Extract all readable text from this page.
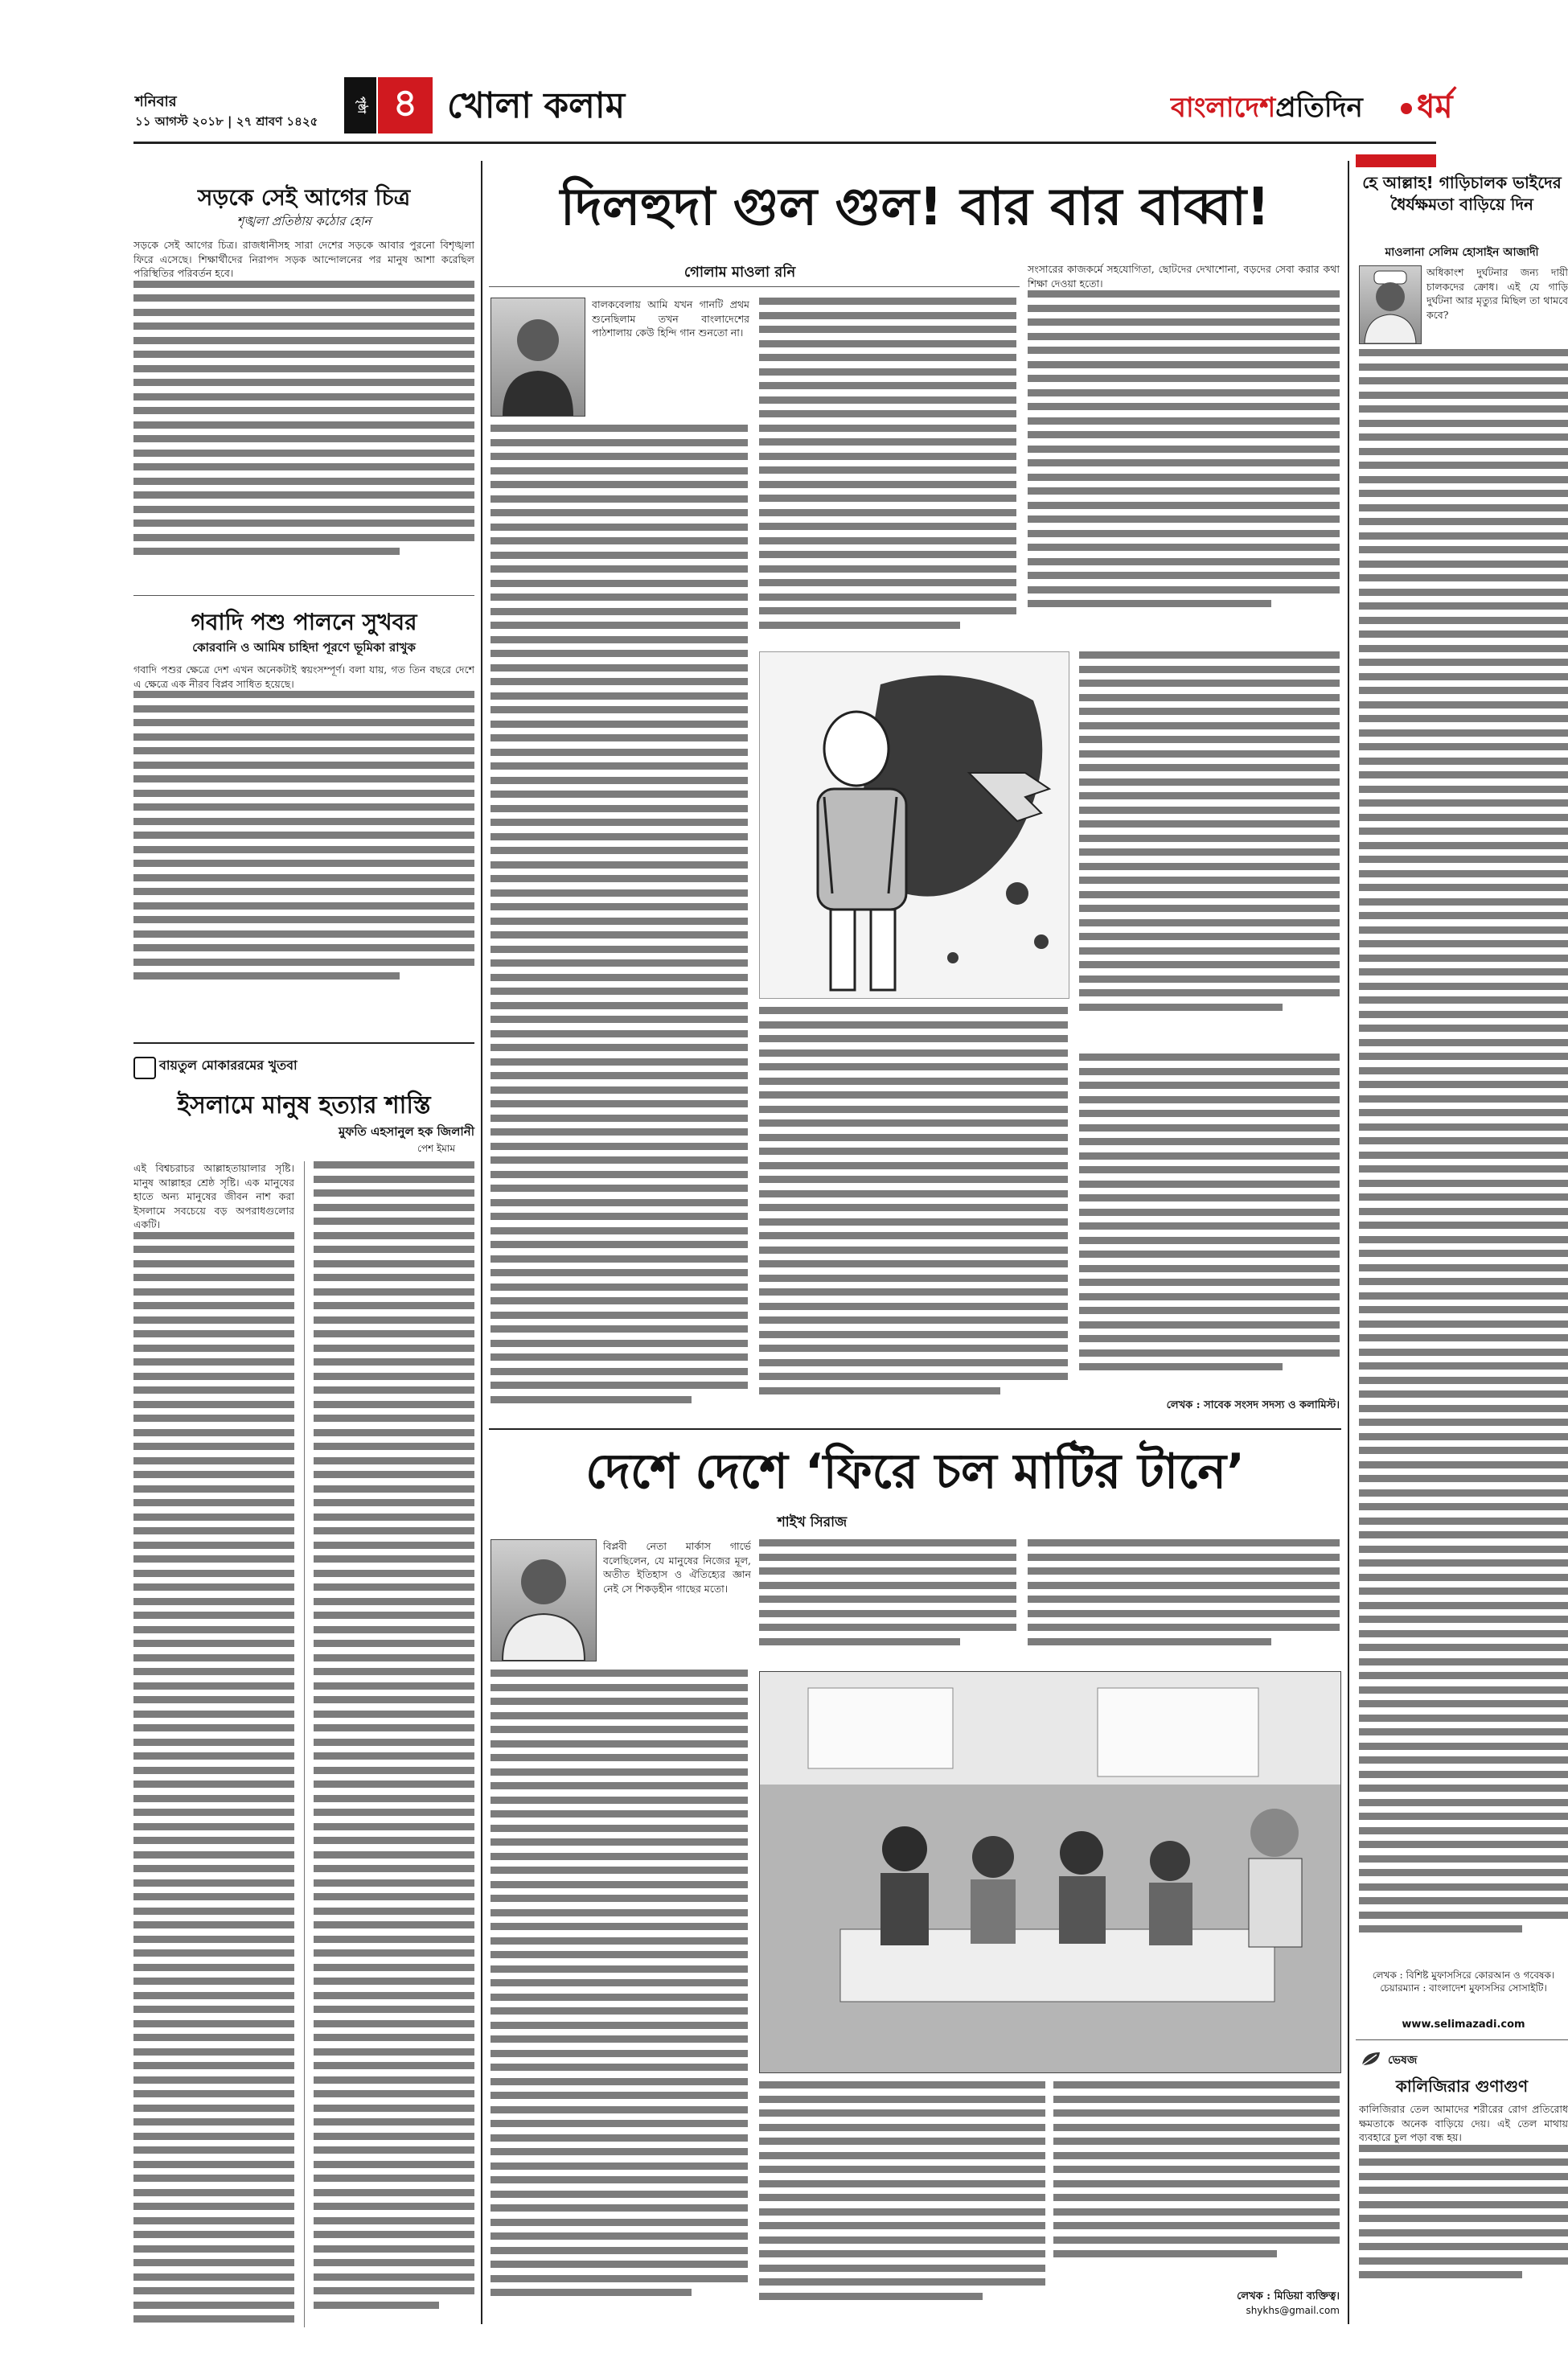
শনিবার
১১ আগস্ট ২০১৮ | ২৭ শ্রাবণ ১৪২৫
পৃষ্ঠা ৪ খোলা কলাম	বাংলাদেশপ্রতিদিন	ধর্ম
সড়কে সেই আগের চিত্র
শৃঙ্খলা প্রতিষ্ঠায় কঠোর হোন
সড়কে সেই আগের চিত্র। রাজধানীসহ সারা দেশের সড়কে আবার পুরনো বিশৃঙ্খলা ফিরে এসেছে। শিক্ষার্থীদের নিরাপদ সড়ক আন্দোলনের পর মানুষ আশা করেছিল পরিস্থিতির পরিবর্তন হবে।
গবাদি পশু পালনে সুখবর
কোরবানি ও আমিষ চাহিদা পূরণে ভূমিকা রাখুক
গবাদি পশুর ক্ষেত্রে দেশ এখন অনেকটাই স্বয়ংসম্পূর্ণ। বলা যায়, গত তিন বছরে দেশে এ ক্ষেত্রে এক নীরব বিপ্লব সাধিত হয়েছে।
বায়তুল মোকাররমের খুতবা
ইসলামে মানুষ হত্যার শাস্তি
মুফতি এহসানুল হক জিলানী
পেশ ইমাম
এই বিশ্বচরাচর আল্লাহতায়ালার সৃষ্টি। মানুষ আল্লাহর শ্রেষ্ঠ সৃষ্টি। এক মানুষের হাতে অন্য মানুষের জীবন নাশ করা ইসলামে সবচেয়ে বড় অপরাধগুলোর একটি।
দিলহুদা গুল গুল! বার বার বাব্বা!
গোলাম মাওলা রনি
বালকবেলায় আমি যখন গানটি প্রথম শুনেছিলাম তখন বাংলাদেশের পাঠশালায় কেউ হিন্দি গান শুনতো না।
সংসারের কাজকর্মে সহযোগিতা, ছোটদের দেখাশোনা, বড়দের সেবা করার কথা শিক্ষা দেওয়া হতো।
লেখক : সাবেক সংসদ সদস্য ও কলামিস্ট।
দেশে দেশে ‘ফিরে চল মাটির টানে’
শাইখ সিরাজ
বিপ্লবী নেতা মার্কাস গার্ভে বলেছিলেন, যে মানুষের নিজের মূল, অতীত ইতিহাস ও ঐতিহ্যের জ্ঞান নেই সে শিকড়হীন গাছের মতো।
লেখক : মিডিয়া ব্যক্তিত্ব।
shykhs@gmail.com
হে আল্লাহ! গাড়িচালক ভাইদের ধৈর্যক্ষমতা বাড়িয়ে দিন
মাওলানা সেলিম হোসাইন আজাদী
অধিকাংশ দুর্ঘটনার জন্য দায়ী চালকদের ক্রোধ। এই যে গাড়ি দুর্ঘটনা আর মৃত্যুর মিছিল তা থামবে কবে?
লেখক : বিশিষ্ট মুফাসসিরে কোরআন ও গবেষক। চেয়ারম্যান : বাংলাদেশ মুফাসসির সোসাইটি।
www.selimazadi.com
ভেষজ
কালিজিরার গুণাগুণ
কালিজিরার তেল আমাদের শরীরের রোগ প্রতিরোধ ক্ষমতাকে অনেক বাড়িয়ে দেয়। এই তেল মাথায় ব্যবহারে চুল পড়া বন্ধ হয়।
